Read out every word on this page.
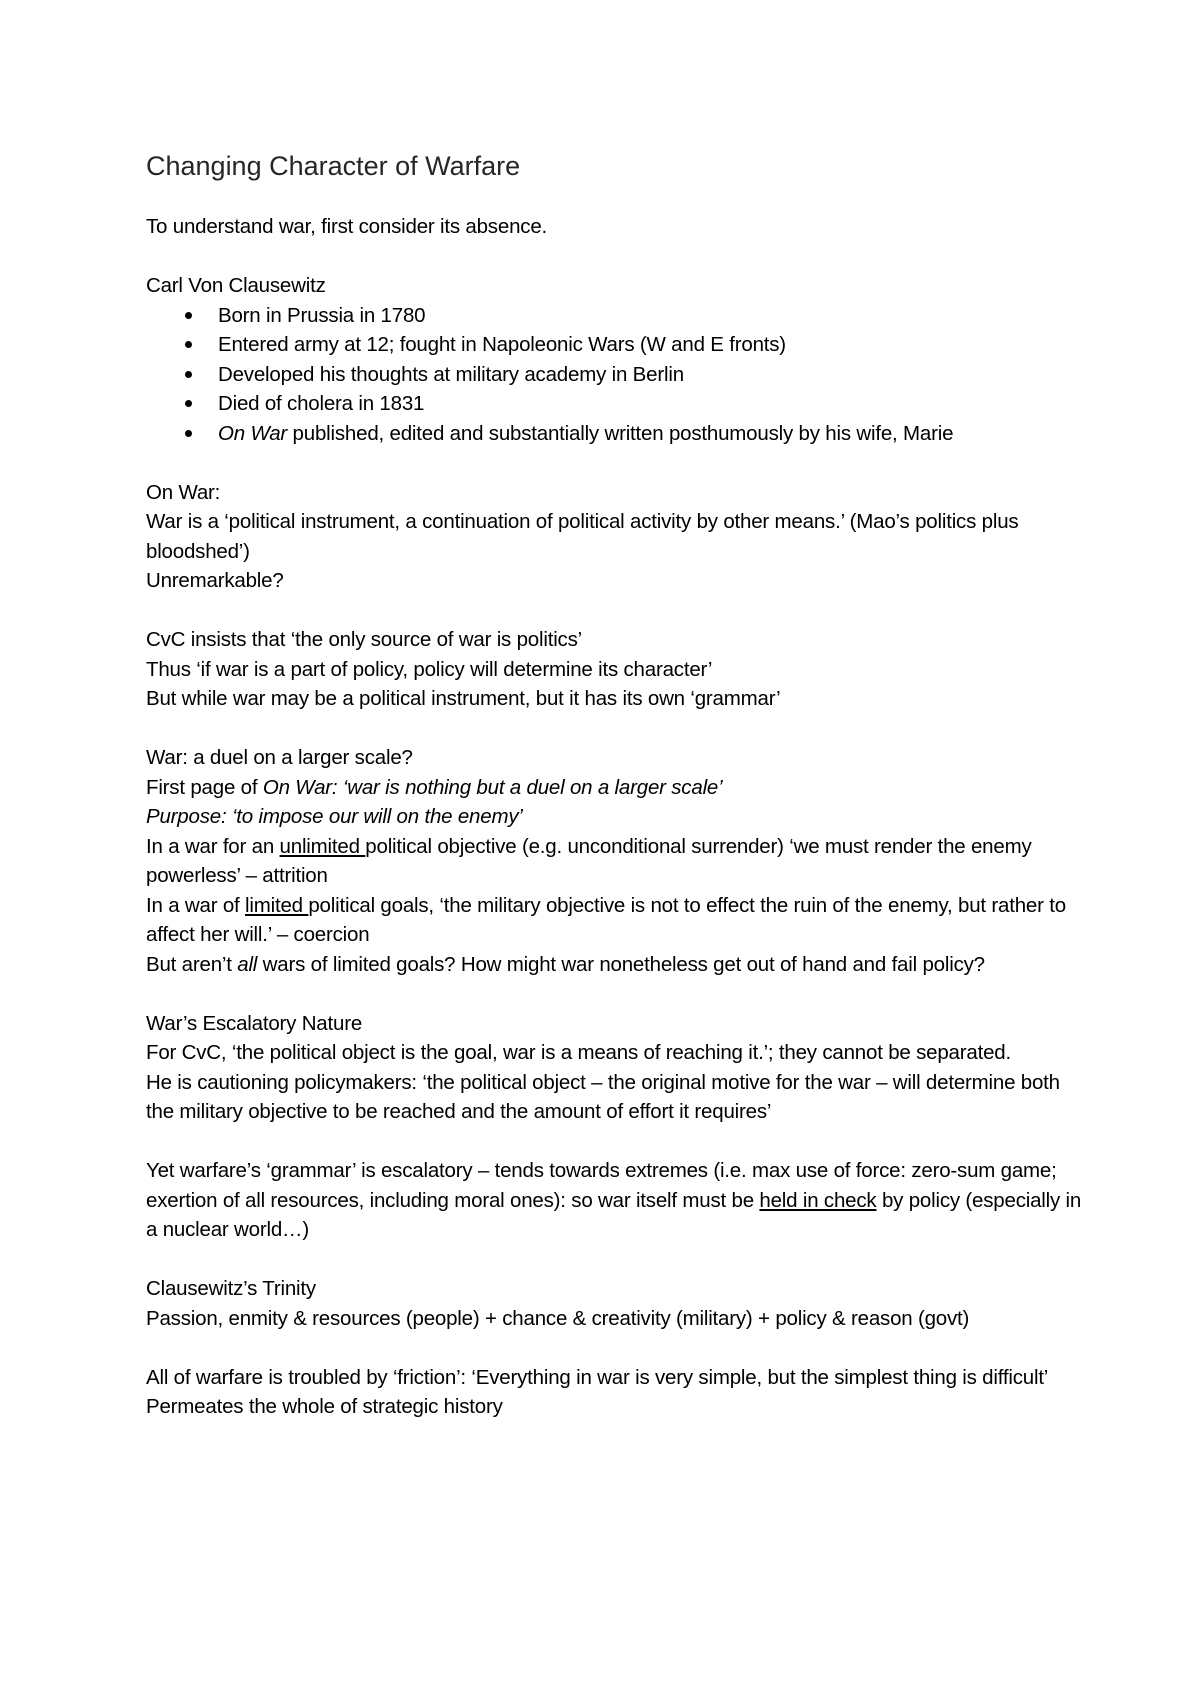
Changing Character of Warfare

To understand war, first consider its absence.

Carl Von Clausewitz

Born in Prussia in 1780
Entered army at 12; fought in Napoleonic Wars (W and E fronts)
Developed his thoughts at military academy in Berlin
Died of cholera in 1831
On War published, edited and substantially written posthumously by his wife, Marie

On War:

War is a ‘political instrument, a continuation of political activity by other means.’ (Mao’s politics plus bloodshed’)

Unremarkable?

CvC insists that ‘the only source of war is politics’

Thus ‘if war is a part of policy, policy will determine its character’

But while war may be a political instrument, but it has its own ‘grammar’

War: a duel on a larger scale?

First page of On War: ‘war is nothing but a duel on a larger scale’

Purpose: ‘to impose our will on the enemy’

In a war for an unlimited political objective (e.g. unconditional surrender) ‘we must render the enemy powerless’ – attrition

In a war of limited political goals, ‘the military objective is not to effect the ruin of the enemy, but rather to affect her will.’ – coercion

But aren’t all wars of limited goals? How might war nonetheless get out of hand and fail policy?

War’s Escalatory Nature

For CvC, ‘the political object is the goal, war is a means of reaching it.’; they cannot be separated.

He is cautioning policymakers: ‘the political object – the original motive for the war – will determine both the military objective to be reached and the amount of effort it requires’

Yet warfare’s ‘grammar’ is escalatory – tends towards extremes (i.e. max use of force: zero-sum game; exertion of all resources, including moral ones): so war itself must be held in check by policy (especially in a nuclear world…)

Clausewitz’s Trinity

Passion, enmity & resources (people) + chance & creativity (military) + policy & reason (govt)

All of warfare is troubled by ‘friction’: ‘Everything in war is very simple, but the simplest thing is difficult’

Permeates the whole of strategic history
